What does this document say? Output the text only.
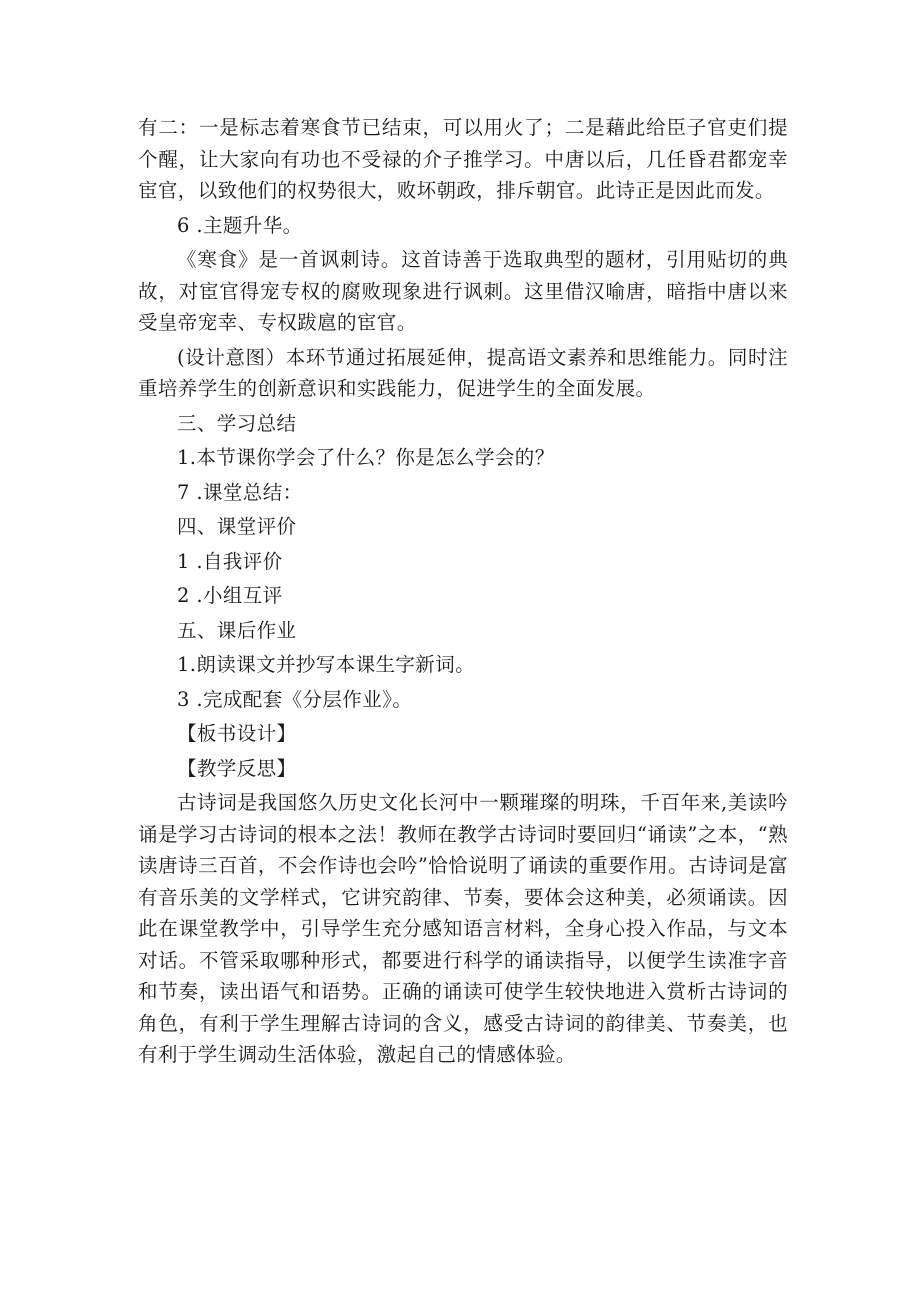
有二：一是标志着寒食节已结束，可以用火了；二是藉此给臣子官吏们提个醒，让大家向有功也不受禄的介子推学习。中唐以后，几任昏君都宠幸宦官，以致他们的权势很大，败坏朝政，排斥朝官。此诗正是因此而发。

6 .主题升华。

《寒食》是一首讽刺诗。这首诗善于选取典型的题材，引用贴切的典故，对宦官得宠专权的腐败现象进行讽刺。这里借汉喻唐，暗指中唐以来受皇帝宠幸、专权跋扈的宦官。

(设计意图）本环节通过拓展延伸，提高语文素养和思维能力。同时注重培养学生的创新意识和实践能力，促进学生的全面发展。

三、学习总结

1.本节课你学会了什么？你是怎么学会的？

7 .课堂总结：

四、课堂评价

1 .自我评价

2 .小组互评

五、课后作业

1.朗读课文并抄写本课生字新词。

3 .完成配套《分层作业》。

【板书设计】

【教学反思】

古诗词是我国悠久历史文化长河中一颗璀璨的明珠，千百年来,美读吟诵是学习古诗词的根本之法！教师在教学古诗词时要回归“诵读”之本，“熟读唐诗三百首，不会作诗也会吟”恰恰说明了诵读的重要作用。古诗词是富有音乐美的文学样式，它讲究韵律、节奏，要体会这种美，必须诵读。因此在课堂教学中，引导学生充分感知语言材料，全身心投入作品，与文本对话。不管采取哪种形式，都要进行科学的诵读指导，以便学生读准字音和节奏，读出语气和语势。正确的诵读可使学生较快地进入赏析古诗词的角色，有利于学生理解古诗词的含义，感受古诗词的韵律美、节奏美，也有利于学生调动生活体验，激起自己的情感体验。
